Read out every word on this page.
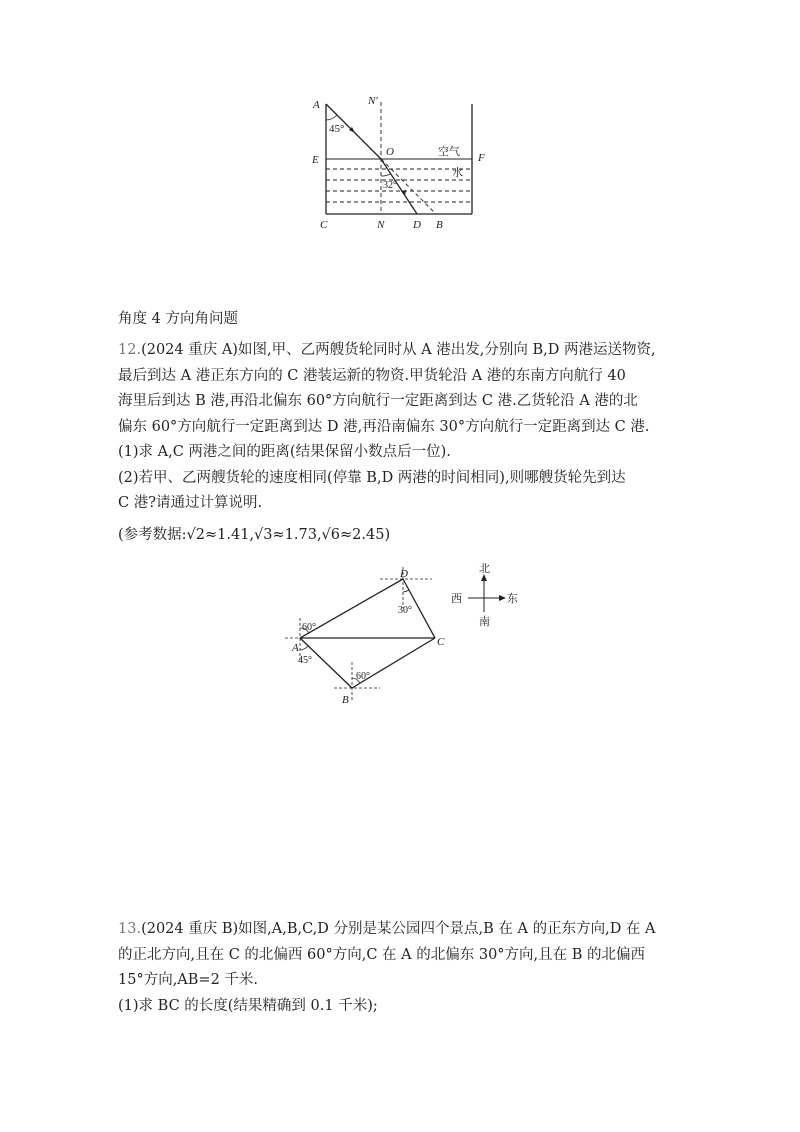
A	N′
45°
E
O	F
空气
水
32°
C	N	D B
角度 4 方向角问题
12.(2024 重庆 A)如图,甲、乙两艘货轮同时从 A 港出发,分别向 B,D 两港运送物资,
最后到达 A 港正东方向的 C 港装运新的物资.甲货轮沿 A 港的东南方向航行 40
海里后到达 B 港,再沿北偏东 60°方向航行一定距离到达 C 港.乙货轮沿 A 港的北
偏东 60°方向航行一定距离到达 D 港,再沿南偏东 30°方向航行一定距离到达 C 港.
(1)求 A,C 两港之间的距离(结果保留小数点后一位).
(2)若甲、乙两艘货轮的速度相同(停靠 B,D 两港的时间相同),则哪艘货轮先到达
C 港?请通过计算说明.
(参考数据:√2≈1.41,√3≈1.73,√6≈2.45)
D
30°
60°
A
45°
C
60°
B
北
西	东
南
13.(2024 重庆 B)如图,A,B,C,D 分别是某公园四个景点,B 在 A 的正东方向,D 在 A
的正北方向,且在 C 的北偏西 60°方向,C 在 A 的北偏东 30°方向,且在 B 的北偏西
15°方向,AB=2 千米.
(1)求 BC 的长度(结果精确到 0.1 千米);
